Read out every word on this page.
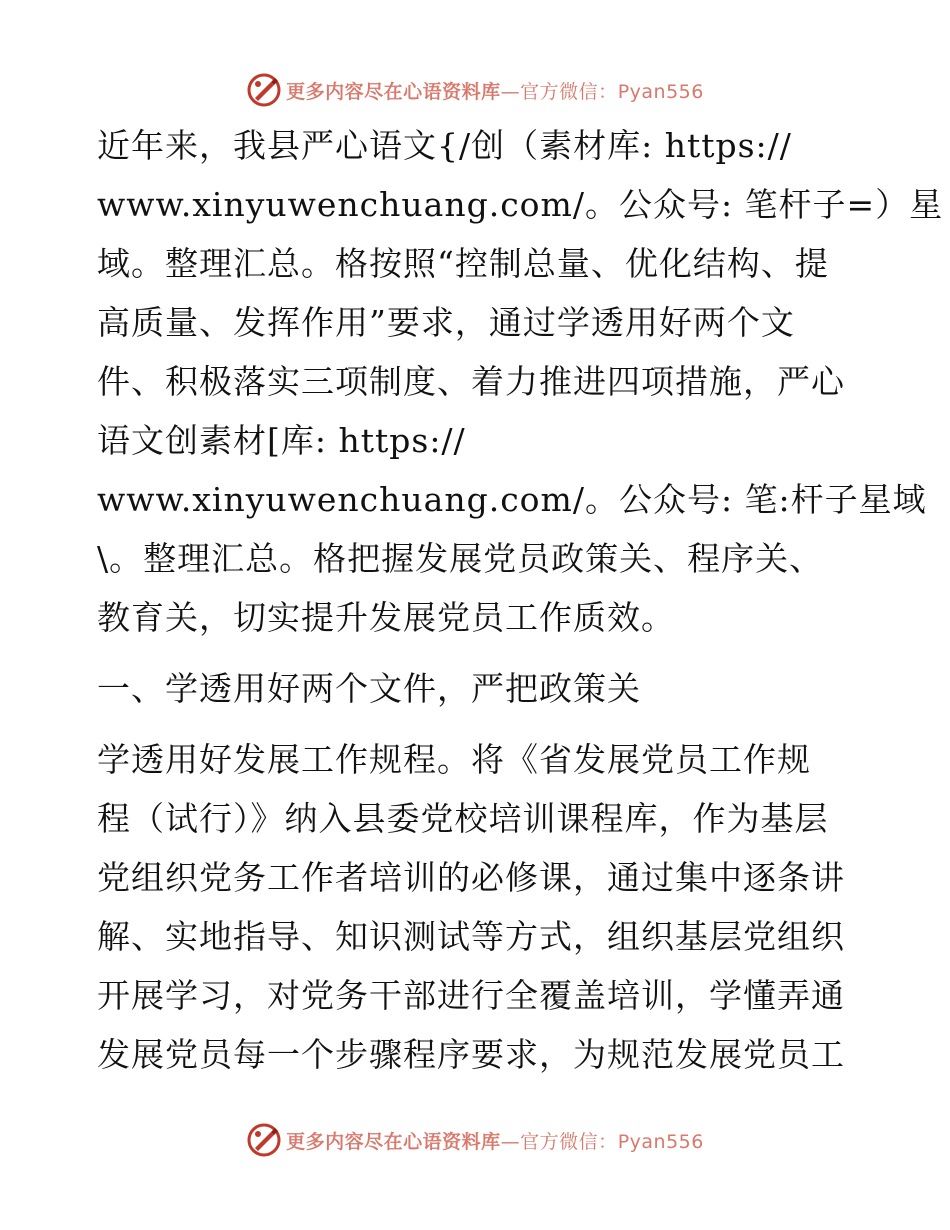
更多内容尽在心语资料库—官方微信：Pyan556

近年来，我县严心语文{/创（素材库: https://
www.xinyuwenchuang.com/。公众号: 笔杆子=）星
域。整理汇总。格按照“控制总量、优化结构、提
高质量、发挥作用”要求，通过学透用好两个文
件、积极落实三项制度、着力推进四项措施，严心
语文创素材[库: https://
www.xinyuwenchuang.com/。公众号: 笔:杆子星域
\。整理汇总。格把握发展党员政策关、程序关、
教育关，切实提升发展党员工作质效。

一、学透用好两个文件，严把政策关

学透用好发展工作规程。将《省发展党员工作规
程（试行）》纳入县委党校培训课程库，作为基层
党组织党务工作者培训的必修课，通过集中逐条讲
解、实地指导、知识测试等方式，组织基层党组织
开展学习，对党务干部进行全覆盖培训，学懂弄通
发展党员每一个步骤程序要求，为规范发展党员工

更多内容尽在心语资料库—官方微信：Pyan556
